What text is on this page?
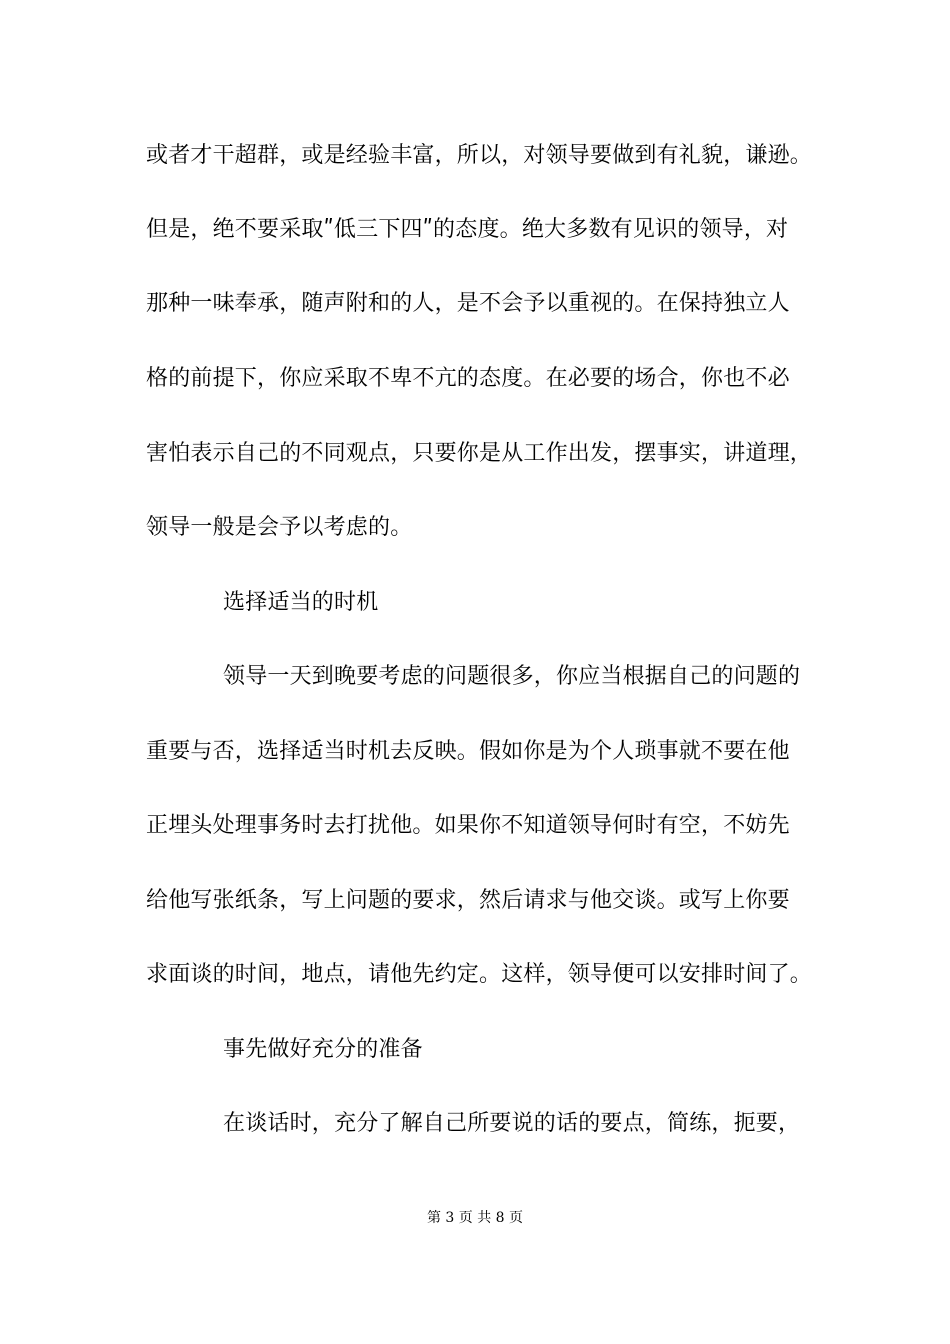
或者才干超群，或是经验丰富，所以，对领导要做到有礼貌，谦逊。
但是，绝不要采取ʺ低三下四ʺ的态度。绝大多数有见识的领导，对
那种一味奉承，随声附和的人，是不会予以重视的。在保持独立人
格的前提下，你应采取不卑不亢的态度。在必要的场合，你也不必
害怕表示自己的不同观点，只要你是从工作出发，摆事实，讲道理，
领导一般是会予以考虑的。
选择适当的时机
领导一天到晚要考虑的问题很多，你应当根据自己的问题的
重要与否，选择适当时机去反映。假如你是为个人琐事就不要在他
正埋头处理事务时去打扰他。如果你不知道领导何时有空，不妨先
给他写张纸条，写上问题的要求，然后请求与他交谈。或写上你要
求面谈的时间，地点，请他先约定。这样，领导便可以安排时间了。
事先做好充分的准备
在谈话时，充分了解自己所要说的话的要点，简练，扼要，
第 3 页 共 8 页
